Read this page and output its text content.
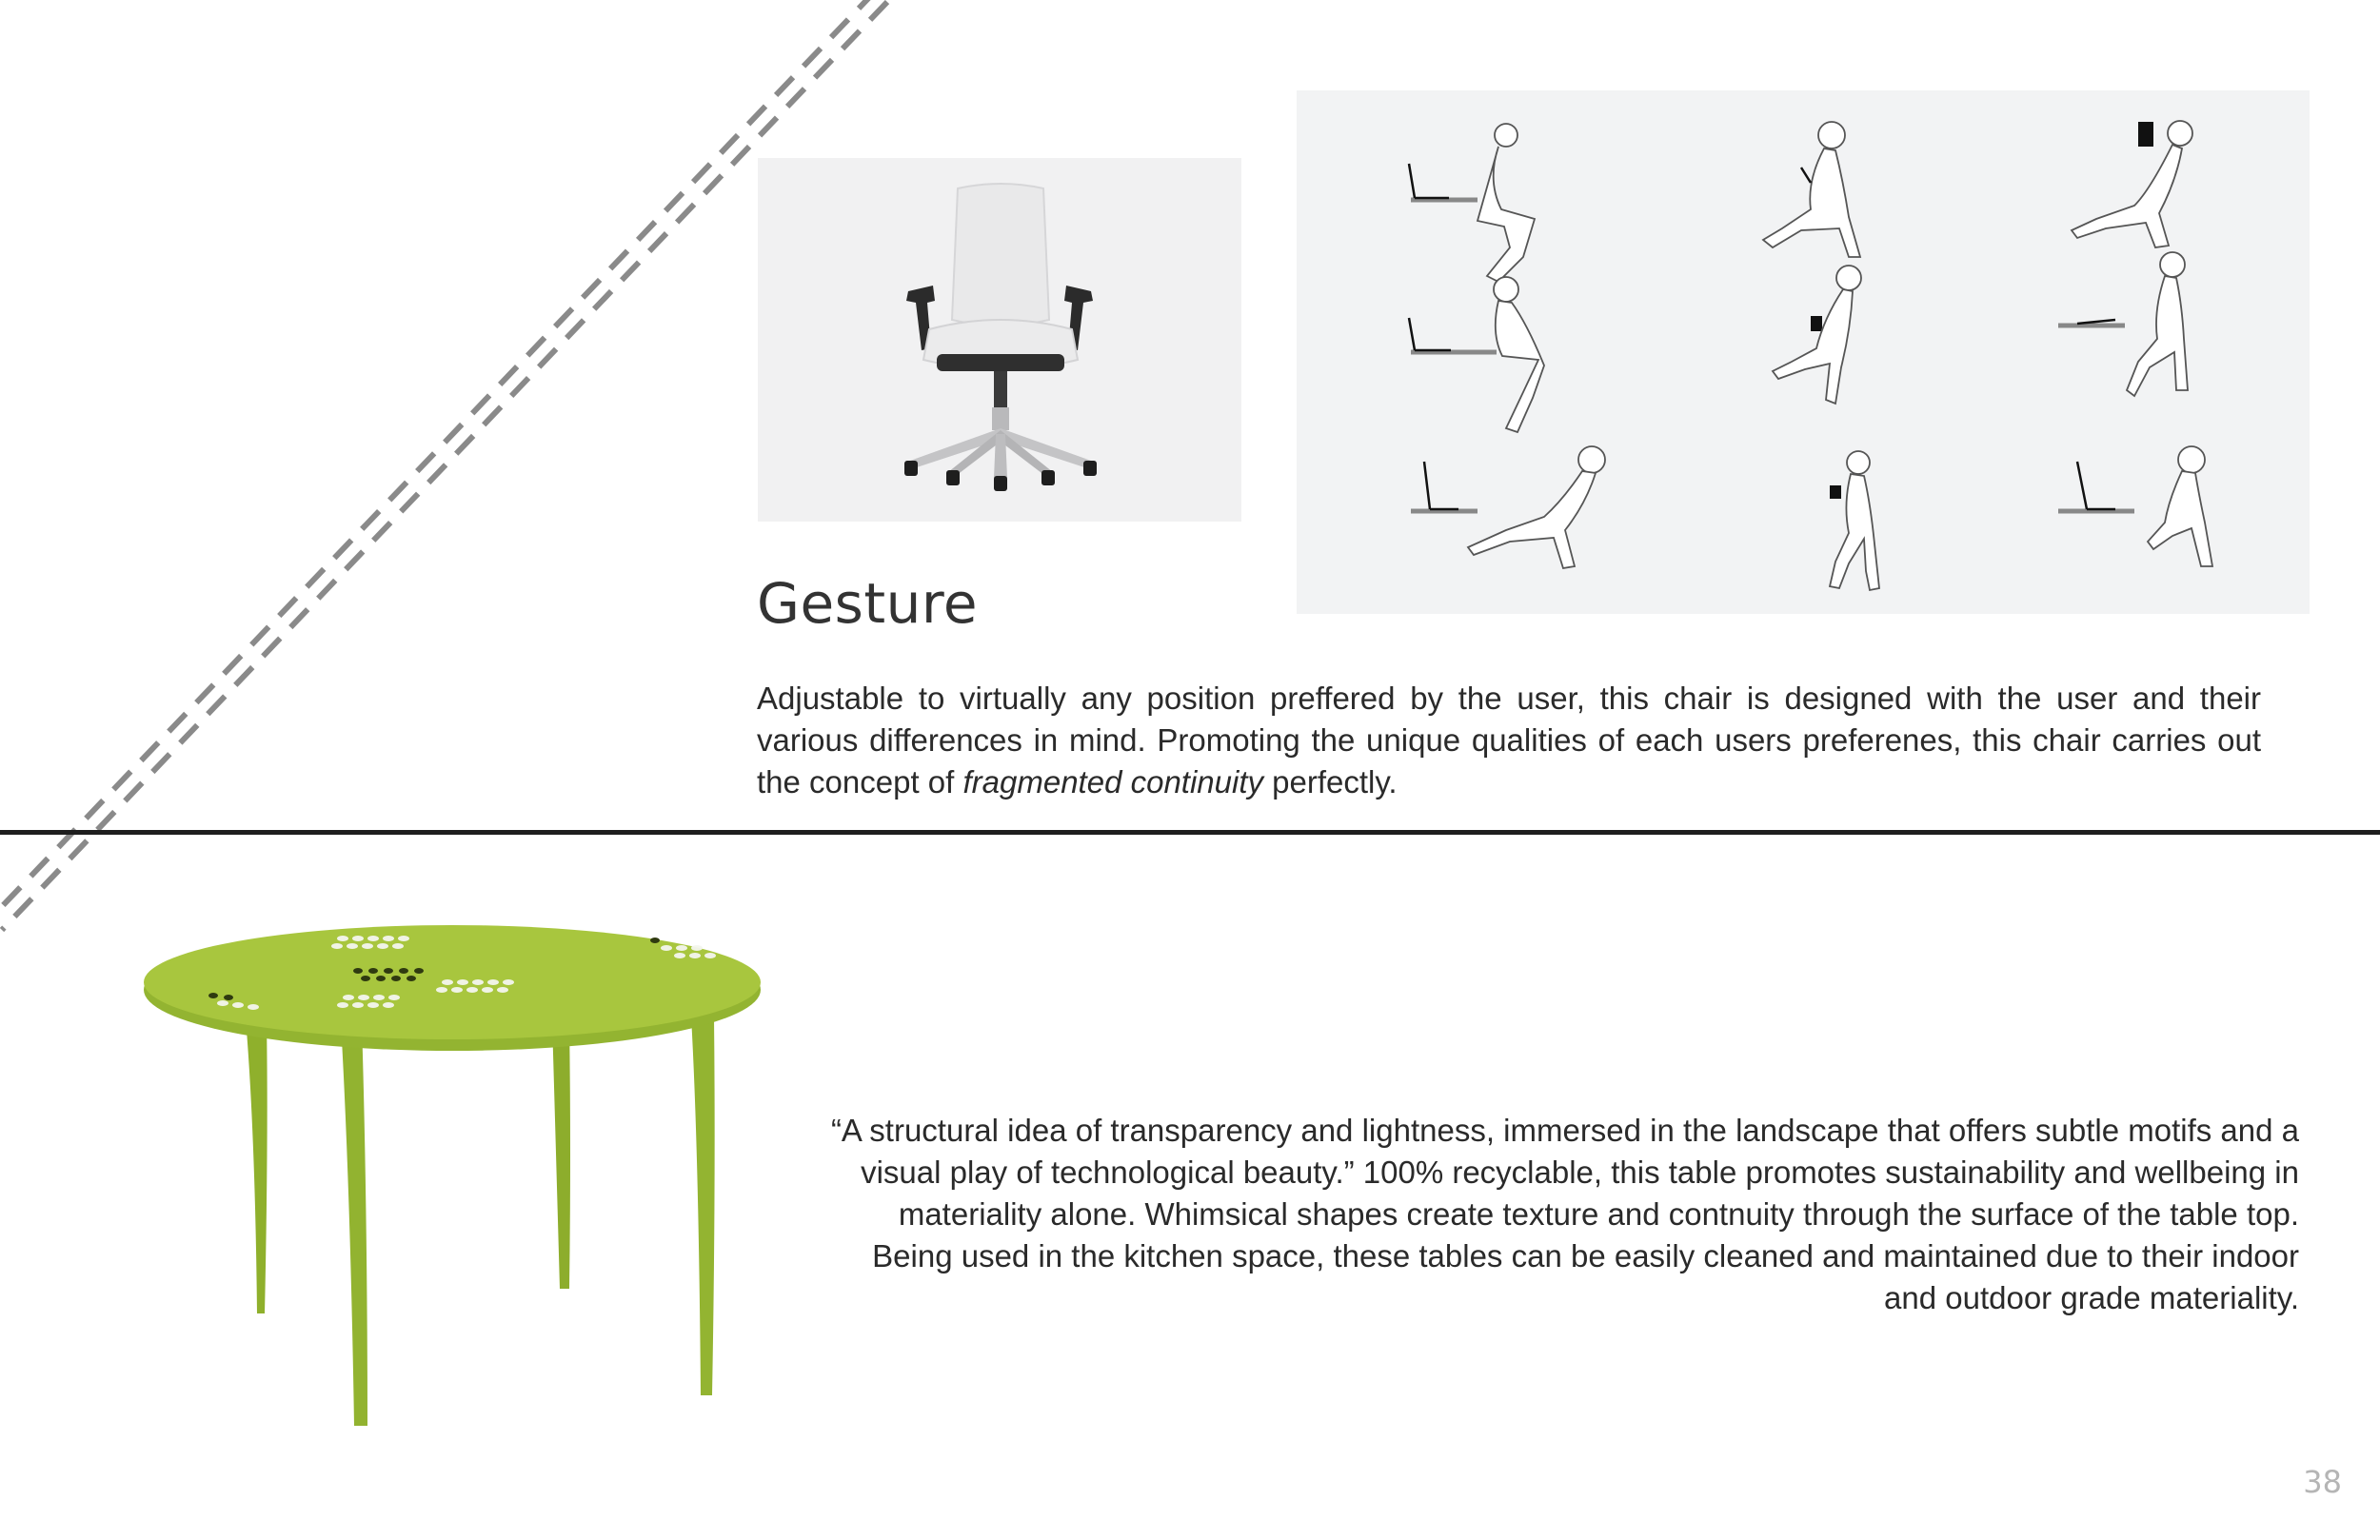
Gesture

Adjustable to virtually any position preffered by the user, this chair is designed with the user and their various differences in mind. Promoting the unique qualities of each users preferenes, this chair carries out the concept of fragmented continuity perfectly.

“A structural idea of transparency and lightness, immersed in the landscape that offers subtle motifs and a visual play of technological beauty.” 100% recyclable, this table promotes sustainability and wellbeing in materiality alone. Whimsical shapes create texture and contnuity through the surface of the table top. Being used in the kitchen space, these tables can be easily cleaned and maintained due to their indoor and outdoor grade materiality.

38
